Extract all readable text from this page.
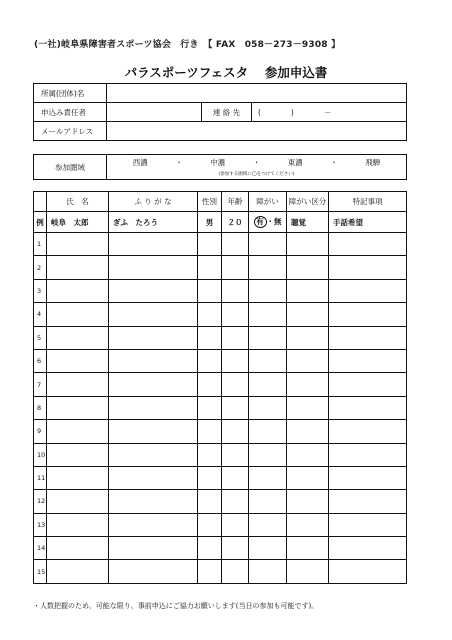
(一社)岐阜県障害者スポーツ協会　行き　【 FAX　058－273－9308 】
パラスポーツフェスタ　 参加申込書
所属(団体)名			
申込み責任者		連 絡 先	(　　　　)　　　　－
メールアドレス			
参加圏域	西濃	・	中濃	・	東濃	・	飛騨
(参加する圏域に◯をつけてください)
	氏　名	ふ り が な	性別	年齢	障がい	障がい区分	特記事項
例	岐阜　太郎	ぎふ　たろう	男	２０	有 ・無	聴覚	手話希望
1							
2							
3							
4							
5							
6							
7							
8							
9							
10							
11							
12							
13							
14							
15							
・人数把握のため、可能な限り、事前申込にご協力お願いします(当日の参加も可能です)。
